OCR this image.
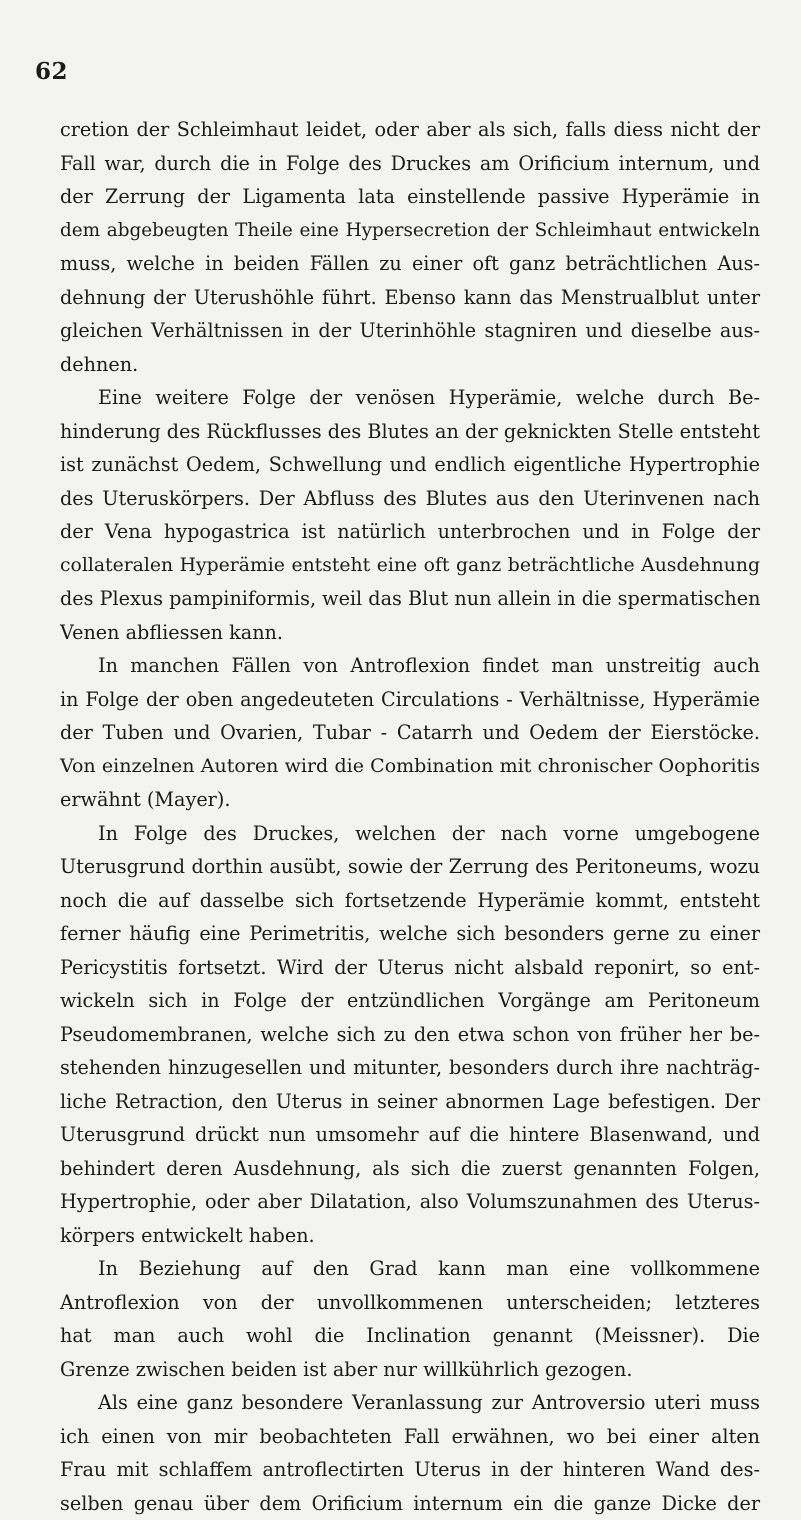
62
cretion der Schleimhaut leidet, oder aber als sich, falls diess nicht der
Fall war, durch die in Folge des Druckes am Orificium internum, und
der Zerrung der Ligamenta lata einstellende passive Hyperämie in
dem abgebeugten Theile eine Hypersecretion der Schleimhaut entwickeln
muss, welche in beiden Fällen zu einer oft ganz beträchtlichen Aus-
dehnung der Uterushöhle führt. Ebenso kann das Menstrualblut unter
gleichen Verhältnissen in der Uterinhöhle stagniren und dieselbe aus-
dehnen.
Eine weitere Folge der venösen Hyperämie, welche durch Be-
hinderung des Rückflusses des Blutes an der geknickten Stelle entsteht
ist zunächst Oedem, Schwellung und endlich eigentliche Hypertrophie
des Uteruskörpers. Der Abfluss des Blutes aus den Uterinvenen nach
der Vena hypogastrica ist natürlich unterbrochen und in Folge der
collateralen Hyperämie entsteht eine oft ganz beträchtliche Ausdehnung
des Plexus pampiniformis, weil das Blut nun allein in die spermatischen
Venen abfliessen kann.
In manchen Fällen von Antroflexion findet man unstreitig auch
in Folge der oben angedeuteten Circulations - Verhältnisse, Hyperämie
der Tuben und Ovarien, Tubar - Catarrh und Oedem der Eierstöcke.
Von einzelnen Autoren wird die Combination mit chronischer Oophoritis
erwähnt (Mayer).
In Folge des Druckes, welchen der nach vorne umgebogene
Uterusgrund dorthin ausübt, sowie der Zerrung des Peritoneums, wozu
noch die auf dasselbe sich fortsetzende Hyperämie kommt, entsteht
ferner häufig eine Perimetritis, welche sich besonders gerne zu einer
Pericystitis fortsetzt. Wird der Uterus nicht alsbald reponirt, so ent-
wickeln sich in Folge der entzündlichen Vorgänge am Peritoneum
Pseudomembranen, welche sich zu den etwa schon von früher her be-
stehenden hinzugesellen und mitunter, besonders durch ihre nachträg-
liche Retraction, den Uterus in seiner abnormen Lage befestigen. Der
Uterusgrund drückt nun umsomehr auf die hintere Blasenwand, und
behindert deren Ausdehnung, als sich die zuerst genannten Folgen,
Hypertrophie, oder aber Dilatation, also Volumszunahmen des Uterus-
körpers entwickelt haben.
In Beziehung auf den Grad kann man eine vollkommene
Antroflexion von der unvollkommenen unterscheiden; letzteres
hat man auch wohl die Inclination genannt (Meissner). Die
Grenze zwischen beiden ist aber nur willkührlich gezogen.
Als eine ganz besondere Veranlassung zur Antroversio uteri muss
ich einen von mir beobachteten Fall erwähnen, wo bei einer alten
Frau mit schlaffem antroflectirten Uterus in der hinteren Wand des-
selben genau über dem Orificium internum ein die ganze Dicke der
